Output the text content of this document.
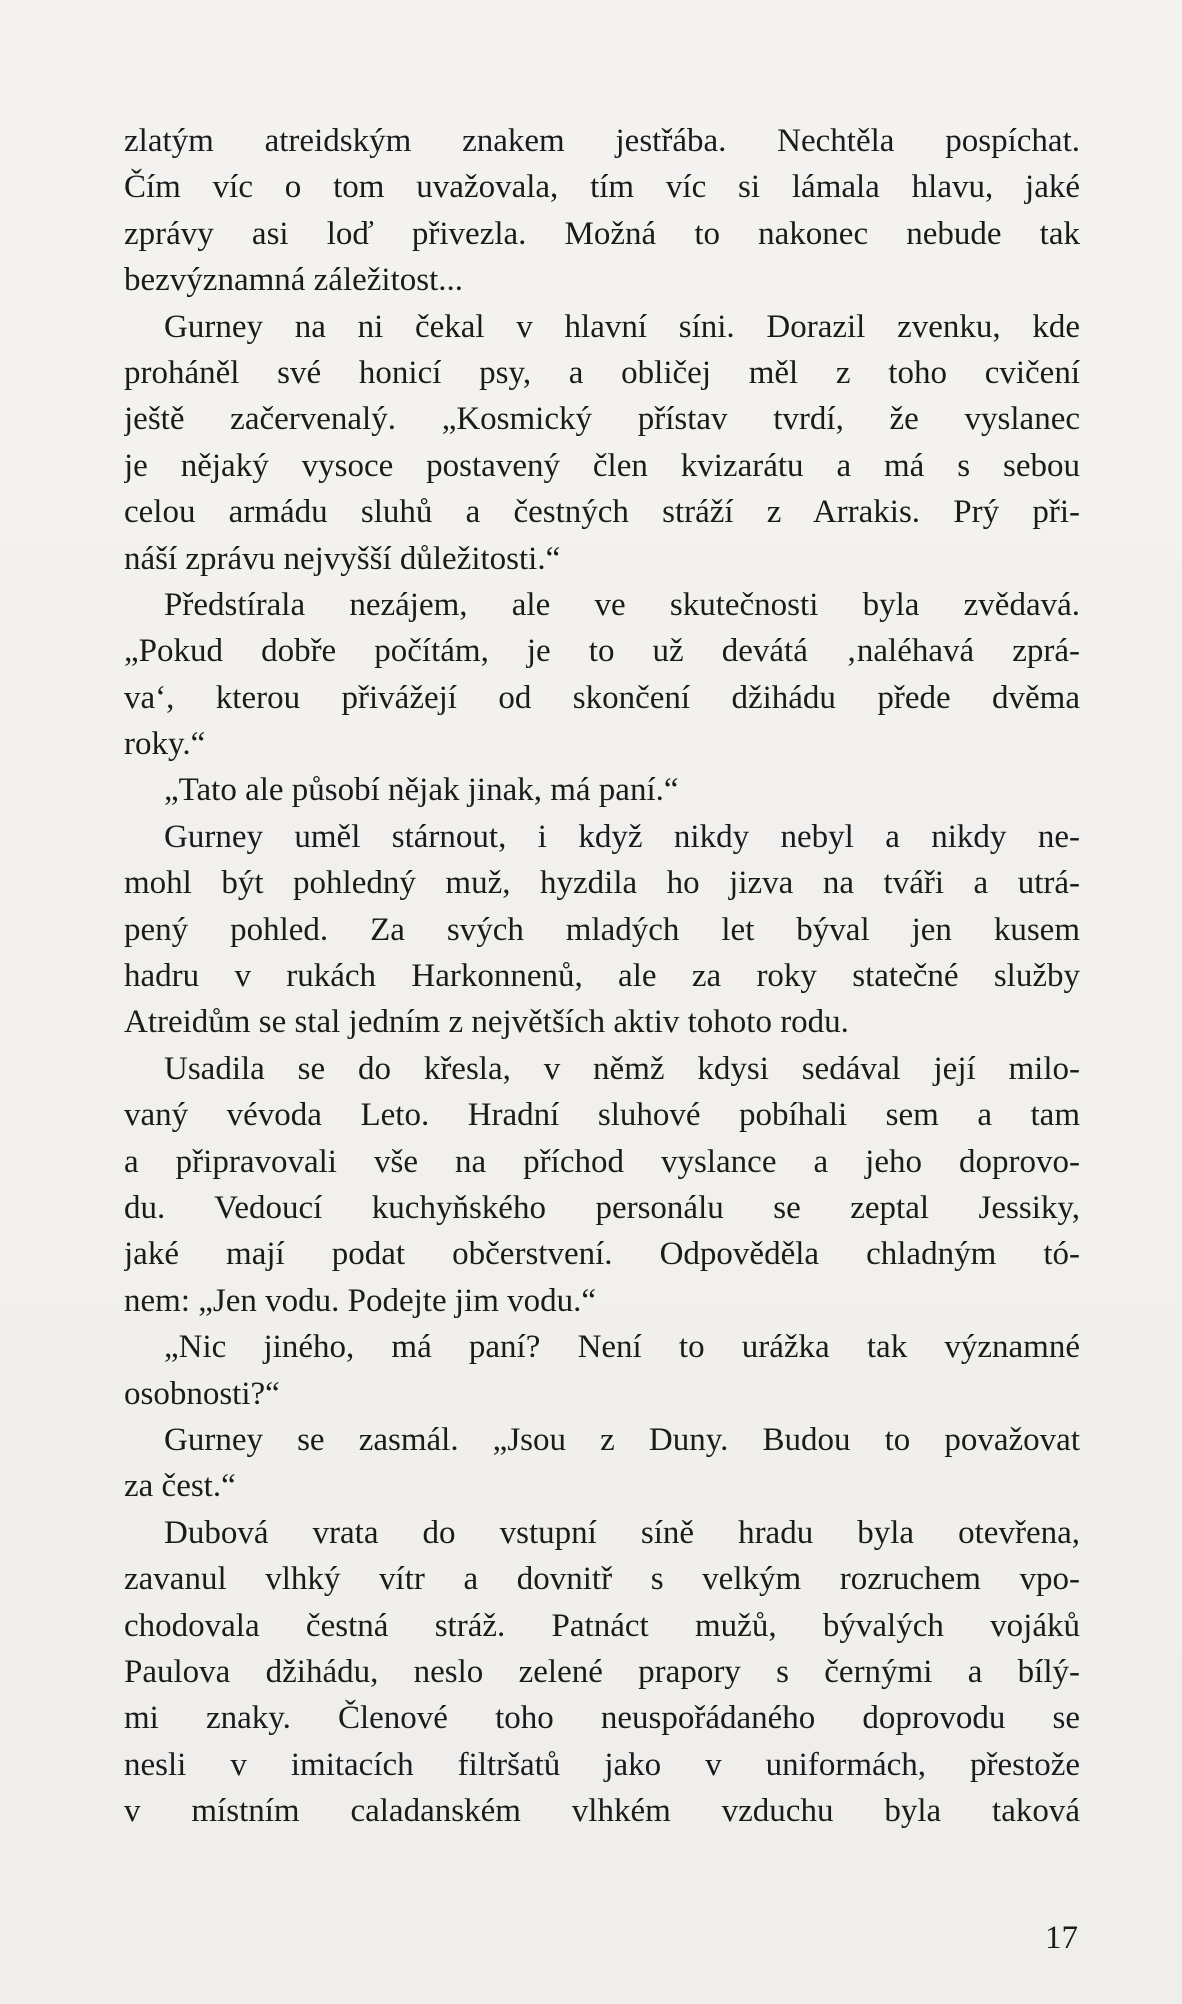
zlatým atreidským znakem jestřába. Nechtěla pospíchat.
Čím víc o tom uvažovala, tím víc si lámala hlavu, jaké
zprávy asi loď přivezla. Možná to nakonec nebude tak
bezvýznamná záležitost...
Gurney na ni čekal v hlavní síni. Dorazil zvenku, kde
proháněl své honicí psy, a obličej měl z toho cvičení
ještě začervenalý. „Kosmický přístav tvrdí, že vyslanec
je nějaký vysoce postavený člen kvizarátu a má s sebou
celou armádu sluhů a čestných stráží z Arrakis. Prý při-
náší zprávu nejvyšší důležitosti.“
Předstírala nezájem, ale ve skutečnosti byla zvědavá.
„Pokud dobře počítám, je to už devátá ‚naléhavá zprá-
va‘, kterou přivážejí od skončení džihádu přede dvěma
roky.“
„Tato ale působí nějak jinak, má paní.“
Gurney uměl stárnout, i když nikdy nebyl a nikdy ne-
mohl být pohledný muž, hyzdila ho jizva na tváři a utrá-
pený pohled. Za svých mladých let býval jen kusem
hadru v rukách Harkonnenů, ale za roky statečné služby
Atreidům se stal jedním z největších aktiv tohoto rodu.
Usadila se do křesla, v němž kdysi sedával její milo-
vaný vévoda Leto. Hradní sluhové pobíhali sem a tam
a připravovali vše na příchod vyslance a jeho doprovo-
du. Vedoucí kuchyňského personálu se zeptal Jessiky,
jaké mají podat občerstvení. Odpověděla chladným tó-
nem: „Jen vodu. Podejte jim vodu.“
„Nic jiného, má paní? Není to urážka tak významné
osobnosti?“
Gurney se zasmál. „Jsou z Duny. Budou to považovat
za čest.“
Dubová vrata do vstupní síně hradu byla otevřena,
zavanul vlhký vítr a dovnitř s velkým rozruchem vpo-
chodovala čestná stráž. Patnáct mužů, bývalých vojáků
Paulova džihádu, neslo zelené prapory s černými a bílý-
mi znaky. Členové toho neuspořádaného doprovodu se
nesli v imitacích filtršatů jako v uniformách, přestože
v místním caladanském vlhkém vzduchu byla taková
17
